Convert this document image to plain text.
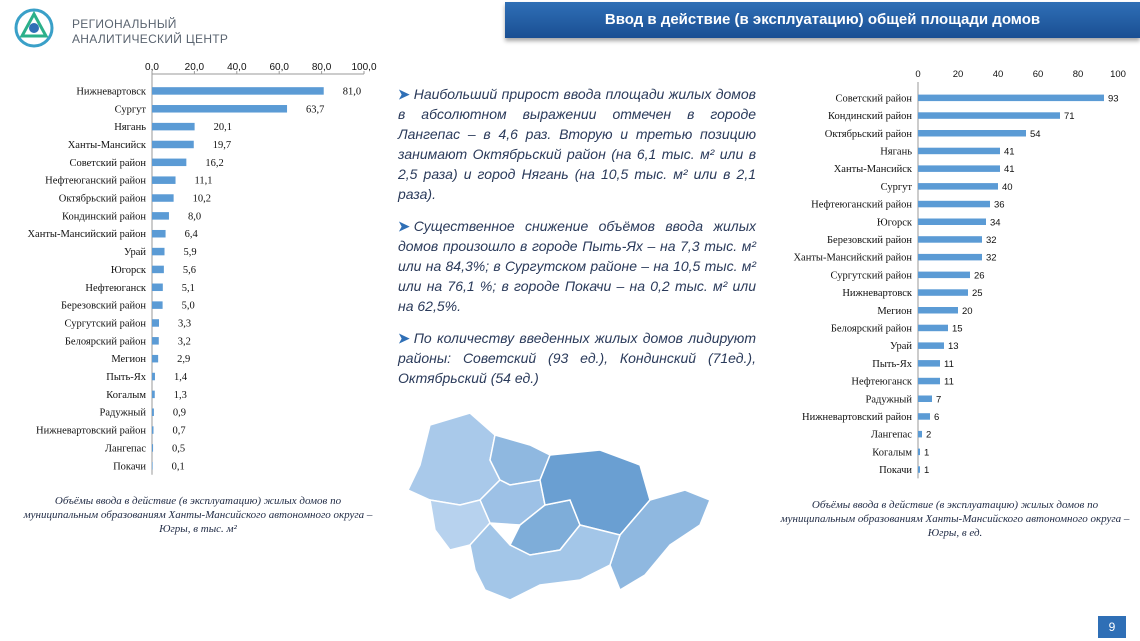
РЕГИОНАЛЬНЫЙ
АНАЛИТИЧЕСКИЙ ЦЕНТР
Ввод в действие (в эксплуатацию) общей площади домов
0,0	20,0 40,0 60,0 80,0 100,0
Нижневартовск	81,0
Сургут	63,7
Нягань	20,1
Ханты-Мансийск	19,7
Советский район	16,2
Нефтеюганский район	11,1
Октябрьский район	10,2
Кондинский район	8,0
Ханты-Мансийский район	6,4
Урай	5,9
Югорск	5,6
Нефтеюганск	5,1
Березовский район	5,0
Сургутский район	3,3
Белоярский район	3,2
Мегион	2,9
Пыть-Ях	1,4
Когалым	1,3
Радужный	0,9
Нижневартовский район	0,7
Лангепас 0,5
Покачи 0,1
Объёмы ввода в действие (в эксплуатацию) жилых домов по муниципальным образованиям Ханты-Мансийского автономного округа – Югры, в тыс. м²

➤ Наибольший прирост ввода площади жилых домов в абсолютном выражении отмечен в городе Лангепас – в 4,6 раз. Вторую и третью позицию занимают Октябрьский район (на 6,1 тыс. м² или в 2,5 раза) и город Нягань (на 10,5 тыс. м² или в 2,1 раза).

➤ Существенное снижение объёмов ввода жилых домов произошло в городе Пыть-Ях – на 7,3 тыс. м² или на 84,3%; в Сургутском районе – на 10,5 тыс. м² или на 76,1 %; в городе Покачи – на 0,2 тыс. м² или на 62,5%.

➤ По количеству введенных жилых домов лидируют районы: Советский (93 ед.), Кондинский (71ед.), Октябрьский (54 ед.)

0	20	40	60	80	100
Советский район	93
Кондинский район	71
Октябрьский район	54
Нягань	41
Ханты-Мансийск	41
Сургут	40
Нефтеюганский район	36
Югорск	34
Березовский район	32
Ханты-Мансийский район	32
Сургутский район	26
Нижневартовск	25
Мегион	20
Белоярский район	15
Урай	13
Пыть-Ях	11
Нефтеюганск	11
Радужный	7
Нижневартовский район 6
Лангепас 2
Когалым 1
Покачи 1
Объёмы ввода в действие (в эксплуатацию) жилых домов по муниципальным образованиям Ханты-Мансийского автономного округа – Югры, в ед.
9
